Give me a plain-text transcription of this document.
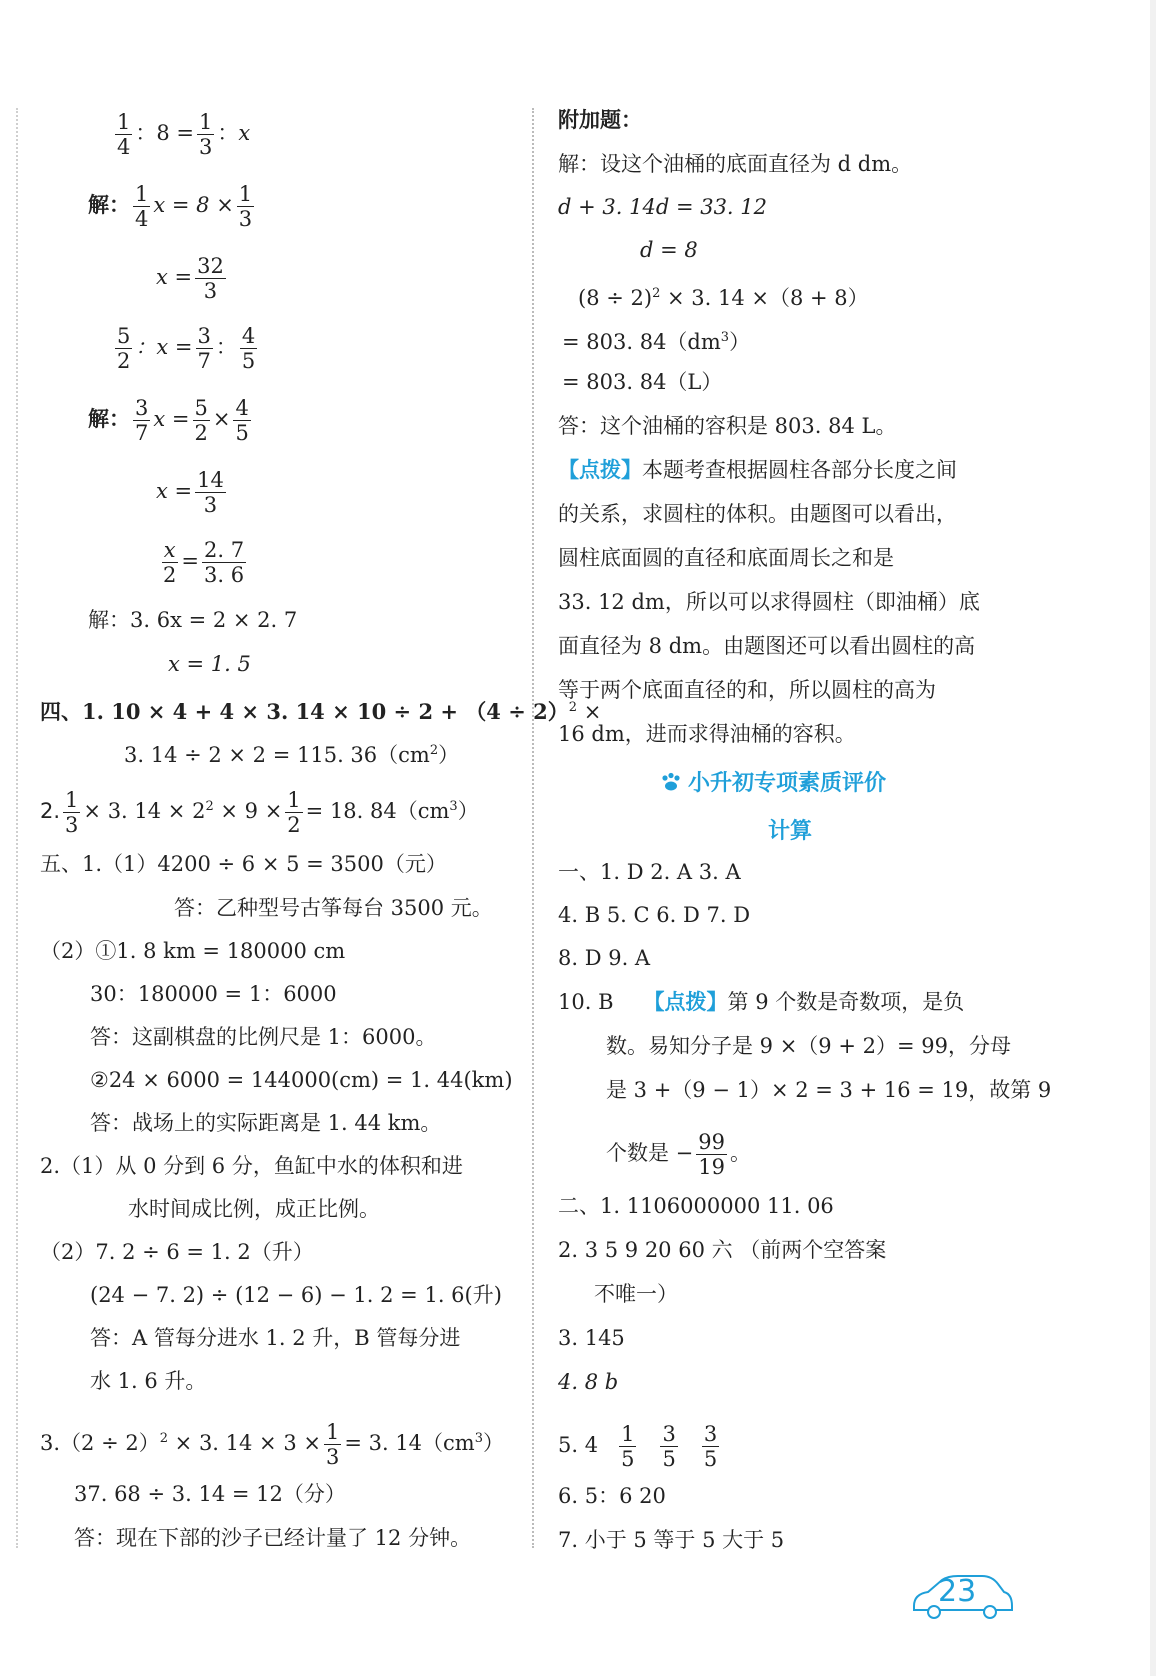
$\frac{1}{4}$ ：$8 = \frac{1}{3}$ ：x
解： $\frac{1}{4}$ $x = 8 \times \frac{1}{3}$
$x = \frac{32}{3}$
$\frac{5}{2}$ ：$x = \frac{3}{7}$ ： $\frac{4}{5}$
解： $\frac{3}{7}$ $x = \frac{5}{2} \times \frac{4}{5}$
$x = \frac{14}{3}$
$\frac{x}{2} = \frac{2. 7}{3. 6}$
解：3. 6x = 2 × 2. 7
x = 1. 5
四、1. 10 × 4 + 4 × 3. $14 \times 10 \div 2 + (4 \div 2)^2$ ×
3. 14 ÷ 2 × 2 = 115. $36(cm^2)$
2. $\frac{1}{3} \times 3$. $14 \times 2^2 \times 9 \times \frac{1}{2} = 18$. $84(cm^3)$
五、1.（1）4200 ÷ 6 × 5 = 3500（元）
答：乙种型号古筝每台 3500 元。
（2）①1. 8 km = 180000 cm
30：180000 = 1：6000
答：这副棋盘的比例尺是 1：6000。
②24 × 6000 = 144000(cm) = 1. 44(km)
答：战场上的实际距离是 1. 44 km。
2.（1）从 0 分到 6 分，鱼缸中水的体积和进
水时间成比例，成正比例。
（2）7. 2 ÷ 6 = 1. 2（升）
(24 − 7. 2) ÷ (12 − 6) − 1. 2 = 1. 6(升)
答：A 管每分进水 1. 2 升，B 管每分进
水 1. 6 升。
$3.(2 \div 2)^2 \times 3$. $14 \times 3 \times \frac{1}{3} = 3$. $14(cm^3)$
37. 68 ÷ 3. 14 = 12（分）
答：现在下部的沙子已经计量了 12 分钟。
附加题：
解：设这个油桶的底面直径为 d dm。
d + 3. 14d = 33. 12
d = 8
$(8 \div 2)^2 \times 3$. 14 ×（8 + 8）
= 803. $84(dm^3)$
= 803. 84（L）
答：这个油桶的容积是 803. 84 L。
【点拨】本题考查根据圆柱各部分长度之间
的关系，求圆柱的体积。由题图可以看出，
圆柱底面圆的直径和底面周长之和是
33. 12 dm，所以可以求得圆柱（即油桶）底
面直径为 8 dm。由题图还可以看出圆柱的高
等于两个底面直径的和，所以圆柱的高为
16 dm，进而求得油桶的容积。
小升初专项素质评价
计算
一、1. D 2. A 3. A
4. B 5. C 6. D 7. D
8. D 9. A
10. B 【点拨】第 9 个数是奇数项，是负
数。易知分子是 9 ×（9 + 2）= 99，分母
是 3 +（9 − 1）× 2 = 3 + 16 = 19，故第 9
个数是 − $\frac{99}{19}$ 。
二、1. 1106000000 11. 06
2. 3 5 9 20 60 六 （前两个空答案
不唯一）
3. 145
4. 8 b
5. $4 \frac{1}{5} \frac{3}{5} \frac{3}{5}$
6. 5：6 20
7. 小于 5 等于 5 大于 5
23
